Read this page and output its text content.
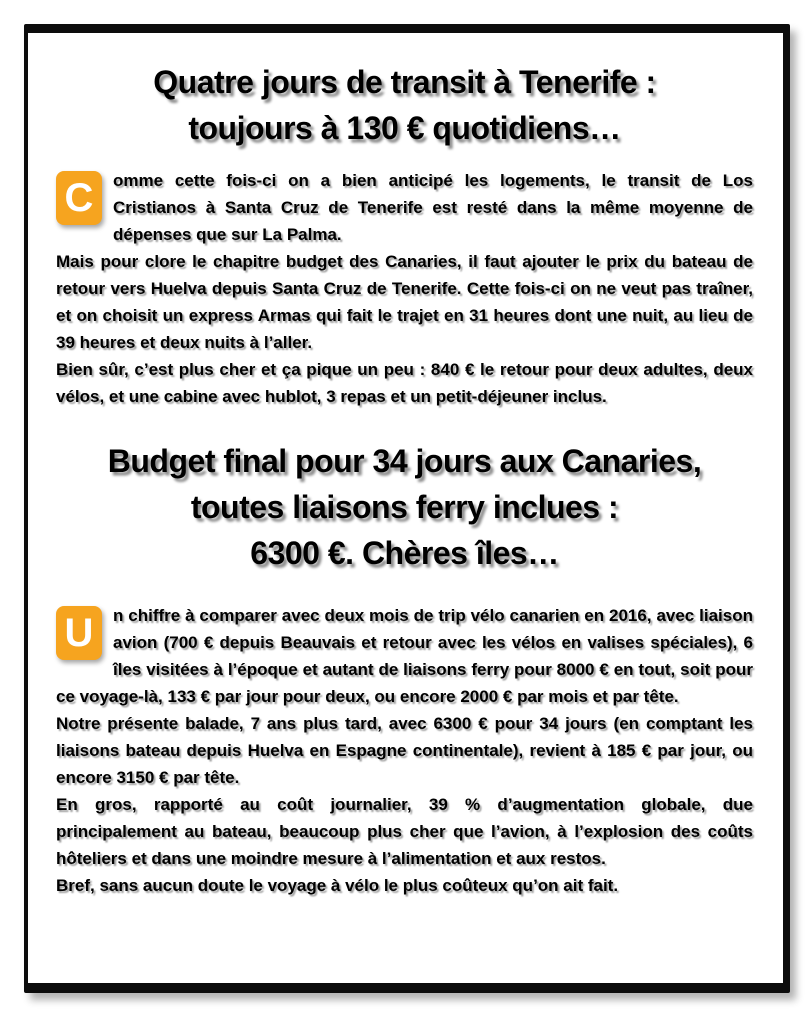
Quatre jours de transit à Tenerife :
toujours à 130 € quotidiens…

C	omme cette fois-ci on a bien anticipé les logements, le transit de Los Cristianos à Santa Cruz de Tenerife est resté dans la même moyenne de dépenses que sur La Palma.

Mais pour clore le chapitre budget des Canaries, il faut ajouter le prix du bateau de retour vers Huelva depuis Santa Cruz de Tenerife. Cette fois-ci on ne veut pas traîner, et on choisit un express Armas qui fait le trajet en 31 heures dont une nuit, au lieu de 39 heures et deux nuits à l’aller.

Bien sûr, c’est plus cher et ça pique un peu : 840 € le retour pour deux adultes, deux vélos, et une cabine avec hublot, 3 repas et un petit-déjeuner inclus.

Budget final pour 34 jours aux Canaries,
toutes liaisons ferry inclues :
6300 €. Chères îles…

U	n chiffre à comparer avec deux mois de trip vélo canarien en 2016, avec liaison avion (700 € depuis Beauvais et retour avec les vélos en valises spéciales), 6 îles visitées à l’époque et autant de liaisons ferry pour 8000 € en tout, soit pour ce voyage-là, 133 € par jour pour deux, ou encore 2000 € par mois et par tête.

Notre présente balade, 7 ans plus tard, avec 6300 € pour 34 jours (en comptant les liaisons bateau depuis Huelva en Espagne continentale), revient à 185 € par jour, ou encore 3150 € par tête.

En gros, rapporté au coût journalier, 39 % d’augmentation globale, due principalement au bateau, beaucoup plus cher que l’avion, à l’explosion des coûts hôteliers et dans une moindre mesure à l’alimentation et aux restos.

Bref, sans aucun doute le voyage à vélo le plus coûteux qu’on ait fait.
